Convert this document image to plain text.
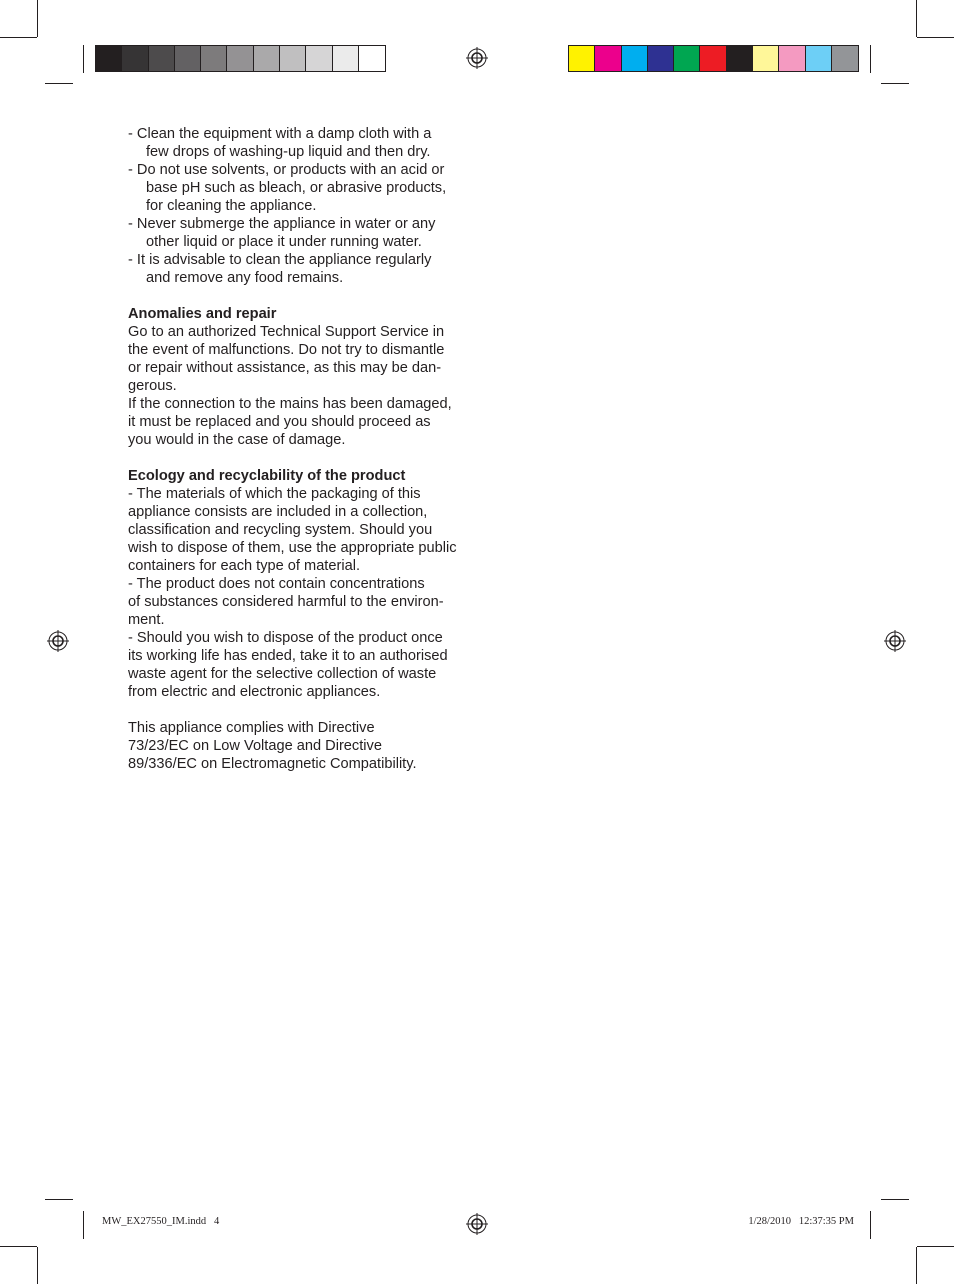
- Clean the equipment with a damp cloth with a

few drops of washing-up liquid and then dry.

- Do not use solvents, or products with an acid or

base pH such as bleach, or abrasive products,

for cleaning the appliance.

- Never submerge the appliance in water or any

other liquid or place it under running water.

- It is advisable to clean the appliance regularly

and remove any food remains.

Anomalies and repair

Go to an authorized Technical Support Service in

the event of malfunctions. Do not try to dismantle

or repair without assistance, as this may be dan-

gerous.

If the connection to the mains has been damaged,

it must be replaced and you should proceed as

you would in the case of damage.

Ecology and recyclability of the product

- The materials of which the packaging of this

appliance consists are included in a collection,

classification and recycling system. Should you

wish to dispose of them, use the appropriate public

containers for each type of material.

- The product does not contain concentrations

of substances considered harmful to the environ-

ment.

- Should you wish to dispose of the product once

its working life has ended, take it to an authorised

waste agent for the selective collection of waste

from electric and electronic appliances.

This appliance complies with Directive

73/23/EC on Low Voltage and Directive

89/336/EC on Electromagnetic Compatibility.

MW_EX27550_IM.indd   4	1/28/2010   12:37:35 PM
